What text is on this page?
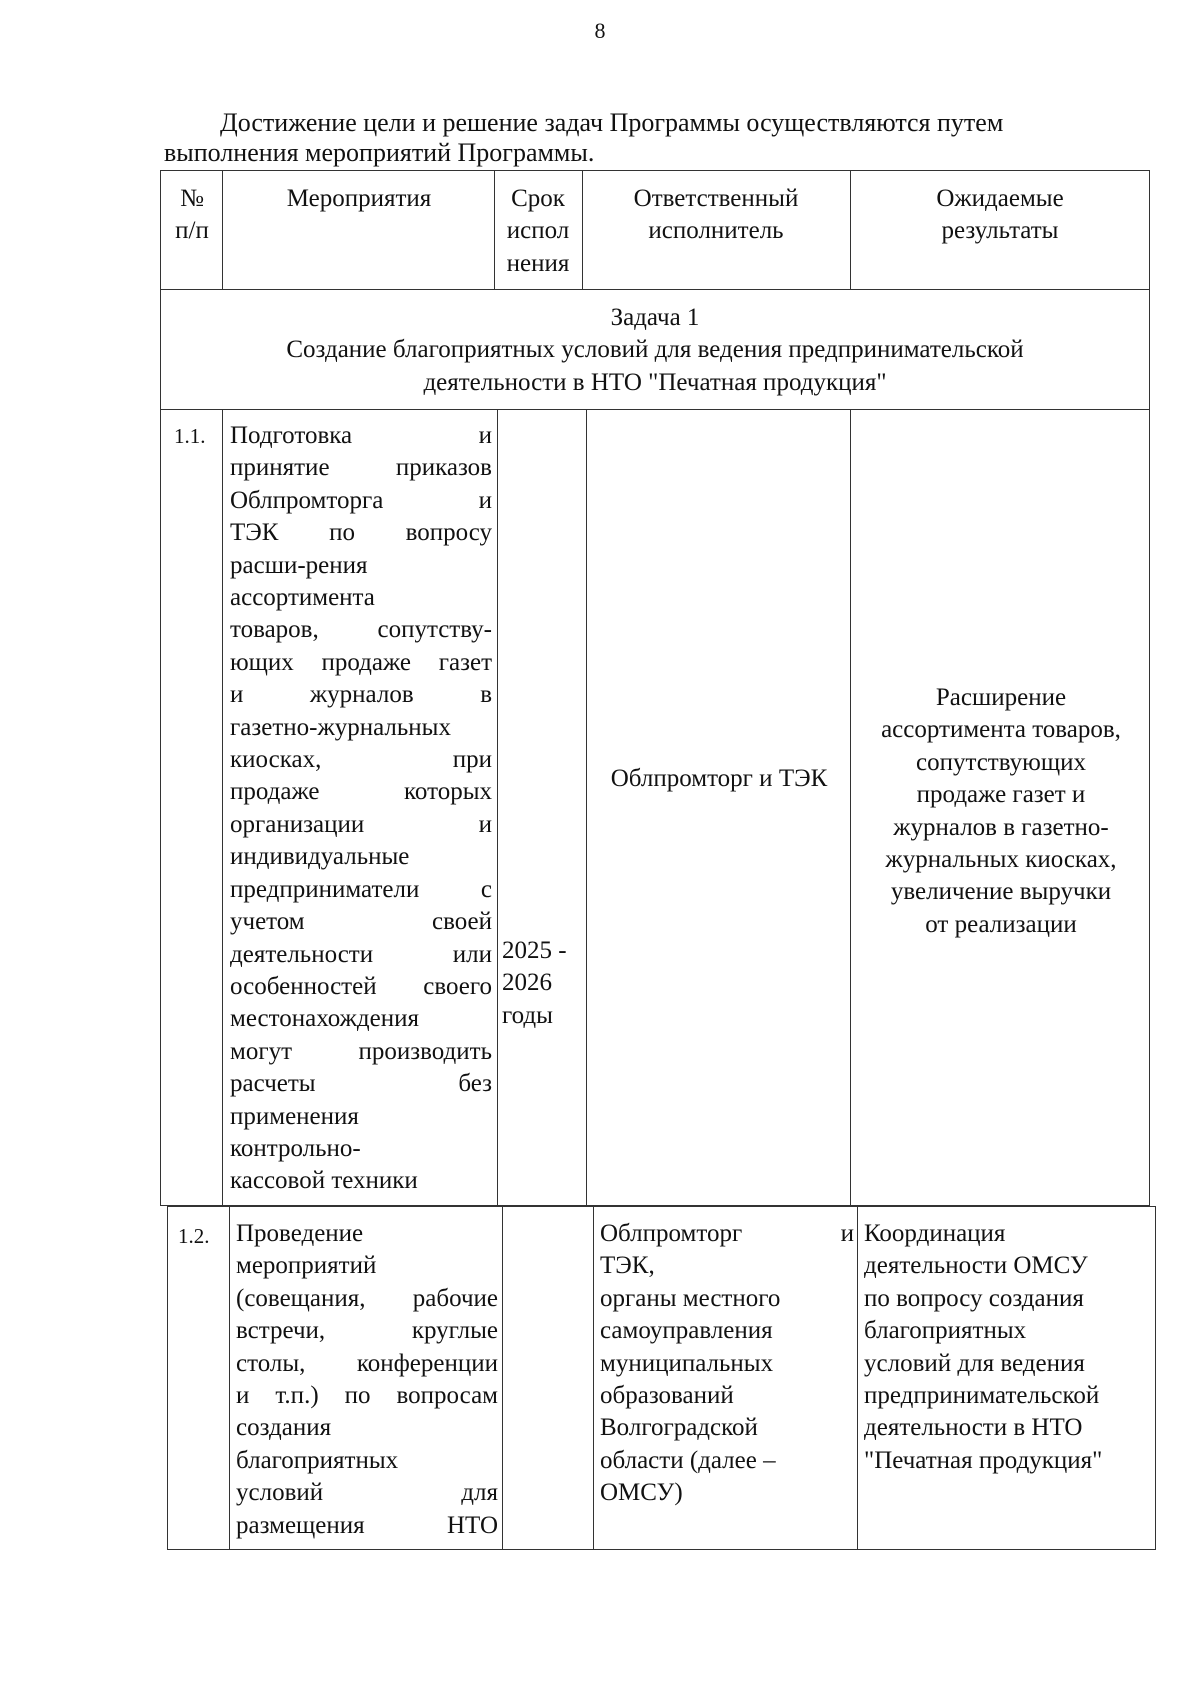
8

Достижение цели и решение задач Программы осуществляются путем

выполнения мероприятий Программы.

№
п/п
Мероприятия	Срок
испол
нения
Ответственный
исполнитель
Ожидаемые
результаты
Задача 1
Создание благоприятных условий для ведения предпринимательской
деятельности в НТО "Печатная продукция"
1.1. Подготовка и
принятие приказов
Облпромторга и
ТЭК по вопросу
расши-рения
ассортимента
товаров, сопутству-
ющих продаже газет
и журналов в
газетно-журнальных
киосках, при
продаже которых
организации и
индивидуальные
предприниматели с
учетом своей
деятельности или
особенностей своего
местонахождения
могут производить
расчеты без
применения
контрольно-
кассовой техники
2025 -
2026
годы
Облпромторг и ТЭК
Расширение
ассортимента товаров,
сопутствующих
продаже газет и
журналов в газетно-
журнальных киосках,
увеличение выручки
от реализации
1.2.	Проведение
мероприятий
(совещания, рабочие
встречи, круглые
столы, конференции
и т.п.) по вопросам
создания
благоприятных
условий для
размещения НТО
Облпромторг и
ТЭК,
органы местного
самоуправления
муниципальных
образований
Волгоградской
области (далее –
ОМСУ)
Координация
деятельности ОМСУ
по вопросу создания
благоприятных
условий для ведения
предпринимательской
деятельности в НТО
"Печатная продукция"
